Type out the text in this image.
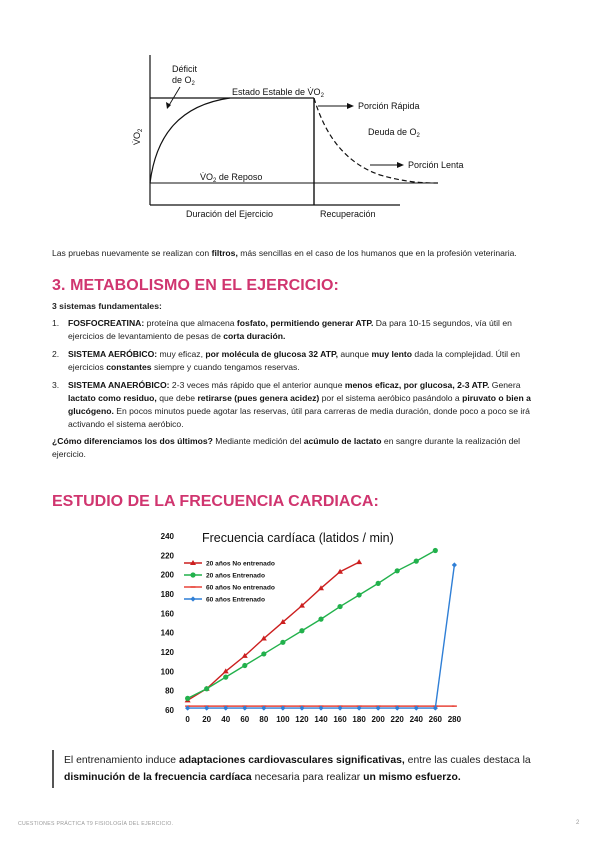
Déficit
de $O_2$
Estado Estable de $V̇O_2$
Porción Rápida
Deuda de $O_2$
Porción Lenta
$V̇O_2$
$V̇O_2$ de Reposo
Duración del Ejercicio	Recuperación
Las pruebas nuevamente se realizan con filtros, más sencillas en el caso de los humanos que en la profesión veterinaria.
3. METABOLISMO EN EL EJERCICIO:
3 sistemas fundamentales:
1. FOSFOCREATINA: proteína que almacena fosfato, permitiendo generar ATP. Da para 10-15 segundos, vía útil en ejercicios de levantamiento de pesas de corta duración.
2. SISTEMA AERÓBICO: muy eficaz, por molécula de glucosa 32 ATP, aunque muy lento dada la complejidad. Útil en ejercicios constantes siempre y cuando tengamos reservas.
3. SISTEMA ANAERÓBICO: 2-3 veces más rápido que el anterior aunque menos eficaz, por glucosa, 2-3 ATP. Genera lactato como residuo, que debe retirarse (pues genera acidez) por el sistema aeróbico pasándolo a piruvato o bien a glucógeno. En pocos minutos puede agotar las reservas, útil para carreras de media duración, donde poco a poco se irá activando el sistema aeróbico.
¿Cómo diferenciamos los dos últimos? Mediante medición del acúmulo de lactato en sangre durante la realización del ejercicio.
ESTUDIO DE LA FRECUENCIA CARDIACA:
Frecuencia cardíaca (latidos / min)
60
80
100
120
140
160
180
200
220
240
0 20 40 60 80 100 120 140 160 180 200 220 240 260 280
20 años No entrenado
20 años Entrenado
60 años No entrenado
60 años Entrenado
El entrenamiento induce adaptaciones cardiovasculares significativas, entre las cuales destaca la disminución de la frecuencia cardíaca necesaria para realizar un mismo esfuerzo.
CUESTIONES PRÁCTICA T9 FISIOLOGÍA DEL EJERCICIO.	2
